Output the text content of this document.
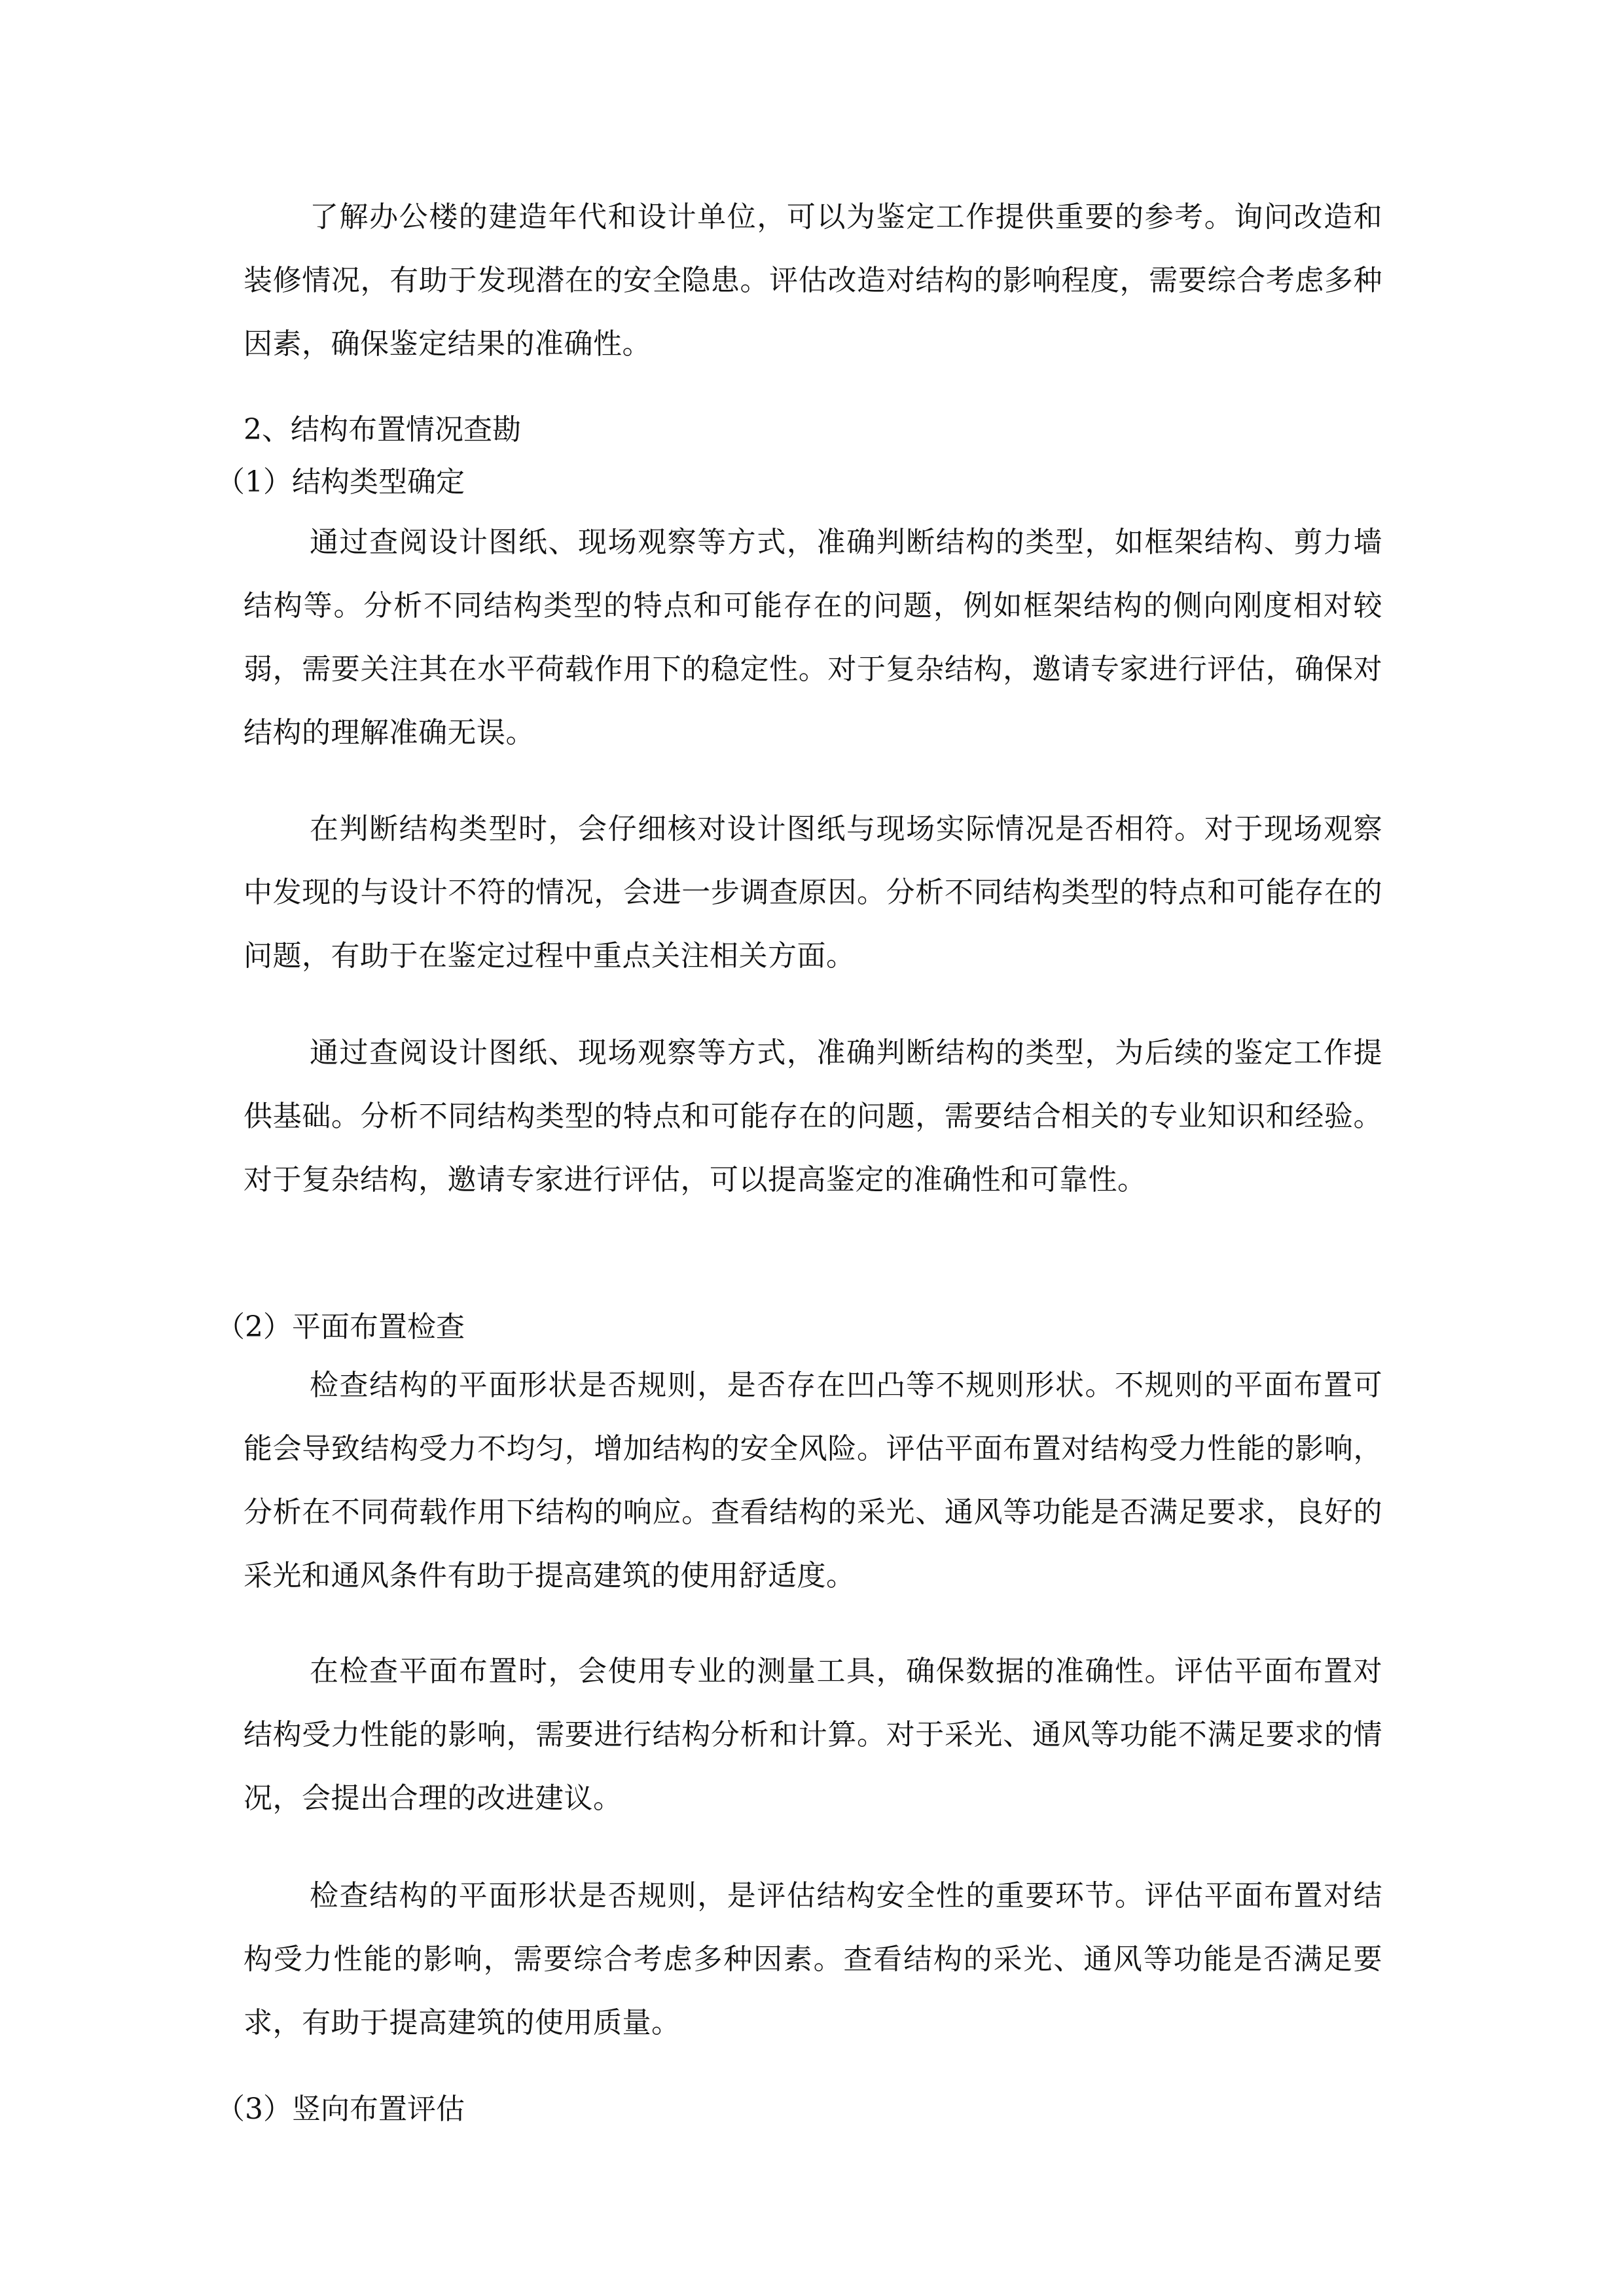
了解办公楼的建造年代和设计单位，可以为鉴定工作提供重要的参考。询问改造和装修情况，有助于发现潜在的安全隐患。评估改造对结构的影响程度，需要综合考虑多种因素，确保鉴定结果的准确性。

2、结构布置情况查勘

（1）结构类型确定

通过查阅设计图纸、现场观察等方式，准确判断结构的类型，如框架结构、剪力墙结构等。分析不同结构类型的特点和可能存在的问题，例如框架结构的侧向刚度相对较弱，需要关注其在水平荷载作用下的稳定性。对于复杂结构，邀请专家进行评估，确保对结构的理解准确无误。

在判断结构类型时，会仔细核对设计图纸与现场实际情况是否相符。对于现场观察中发现的与设计不符的情况，会进一步调查原因。分析不同结构类型的特点和可能存在的问题，有助于在鉴定过程中重点关注相关方面。

通过查阅设计图纸、现场观察等方式，准确判断结构的类型，为后续的鉴定工作提供基础。分析不同结构类型的特点和可能存在的问题，需要结合相关的专业知识和经验。对于复杂结构，邀请专家进行评估，可以提高鉴定的准确性和可靠性。

（2）平面布置检查

检查结构的平面形状是否规则，是否存在凹凸等不规则形状。不规则的平面布置可能会导致结构受力不均匀，增加结构的安全风险。评估平面布置对结构受力性能的影响，分析在不同荷载作用下结构的响应。查看结构的采光、通风等功能是否满足要求，良好的采光和通风条件有助于提高建筑的使用舒适度。

在检查平面布置时，会使用专业的测量工具，确保数据的准确性。评估平面布置对结构受力性能的影响，需要进行结构分析和计算。对于采光、通风等功能不满足要求的情况，会提出合理的改进建议。

检查结构的平面形状是否规则，是评估结构安全性的重要环节。评估平面布置对结构受力性能的影响，需要综合考虑多种因素。查看结构的采光、通风等功能是否满足要求，有助于提高建筑的使用质量。

（3）竖向布置评估
